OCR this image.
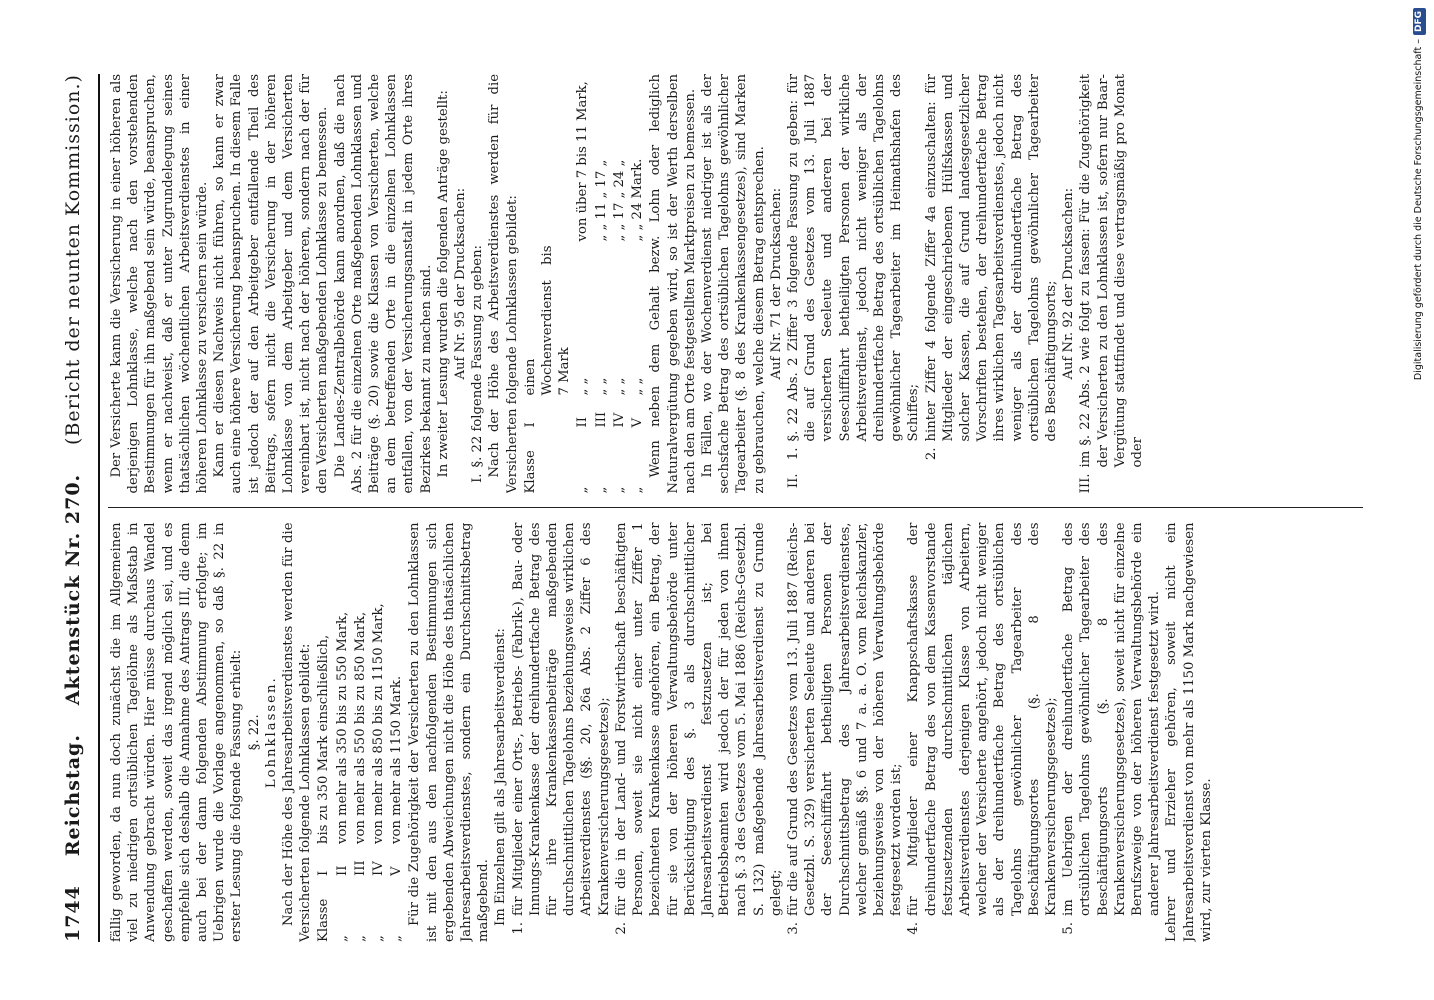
1744
Reichstag.
Aktenstück Nr. 270.
(Bericht der neunten Kommission.)

fällig geworden, da nun doch zunächst die im Allgemeinen viel zu niedrigen ortsüblichen Tagelöhne als Maßstab in Anwendung gebracht würden. Hier müsse durchaus Wandel geschaffen werden, soweit das irgend möglich sei, und es empfehle sich deshalb die Annahme des Antrags III, die denn auch bei der dann folgenden Abstimmung erfolgte; im Uebrigen wurde die Vorlage angenommen, so daß §. 22 in erster Lesung die folgende Fassung erhielt: §. 22. Lohnklassen. Nach der Höhe des Jahresarbeitsverdienstes werden für die Versicherten folgende Lohnklassen gebildet: Klasse
I
bis zu 350 Mark einschließlich,
„
II
von mehr als 350 bis zu 550 Mark,
„
III
von mehr als 550 bis zu 850 Mark,
„
IV
von mehr als 850 bis zu 1150 Mark,
„
V
von mehr als 1150 Mark. Für die Zugehörigkeit der Versicherten zu den Lohnklassen ist mit den aus den nachfolgenden Bestimmungen sich ergebenden Abweichungen nicht die Höhe des thatsächlichen Jahresarbeitsverdienstes, sondern ein Durchschnittsbetrag maßgebend. Im Einzelnen gilt als Jahresarbeitsverdienst:

1.
für Mitglieder einer Orts-, Betriebs- (Fabrik-), Bau- oder Innungs-Krankenkasse der dreihundertfache Betrag des für ihre Krankenkassenbeiträge maßgebenden durchschnittlichen Tagelohns beziehungsweise wirklichen Arbeitsverdienstes (§§. 20, 26a Abs. 2 Ziffer 6 des Krankenversicherungsgesetzes);
2.
für die in der Land- und Forstwirthschaft beschäftigten Personen, soweit sie nicht einer unter Ziffer 1 bezeichneten Krankenkasse angehören, ein Betrag, der für sie von der höheren Verwaltungsbehörde unter Berücksichtigung des §. 3 als durchschnittlicher Jahresarbeitsverdienst festzusetzen ist; bei Betriebsbeamten wird jedoch der für jeden von ihnen nach §. 3 des Gesetzes vom 5. Mai 1886 (Reichs-Gesetzbl. S. 132) maßgebende Jahresarbeitsverdienst zu Grunde gelegt;
3.
für die auf Grund des Gesetzes vom 13. Juli 1887 (Reichs-Gesetzbl. S. 329) versicherten Seeleute und anderen bei der Seeschifffahrt betheiligten Personen der Durchschnittsbetrag des Jahresarbeitsverdienstes, welcher gemäß §§. 6 und 7 a. a. O. vom Reichskanzler, beziehungsweise von der höheren Verwaltungsbehörde festgesetzt worden ist;
4.
für Mitglieder einer Knappschaftskasse der dreihundertfache Betrag des von dem Kassenvorstande festzusetzenden durchschnittlichen täglichen Arbeitsverdienstes derjenigen Klasse von Arbeitern, welcher der Versicherte angehört, jedoch nicht weniger als der dreihundertfache Betrag des ortsüblichen Tagelohns gewöhnlicher Tagearbeiter des Beschäftigungsortes (§. 8 des Krankenversicherungsgesetzes);
5.
im Uebrigen der dreihundertfache Betrag des ortsüblichen Tagelohns gewöhnlicher Tagearbeiter des Beschäftigungsorts (§. 8 des Krankenversicherungsgesetzes), soweit nicht für einzelne Berufszweige von der höheren Verwaltungsbehörde ein anderer Jahresarbeitsverdienst festgesetzt wird. Lehrer und Erzieher gehören, soweit nicht ein Jahresarbeitsverdienst von mehr als 1150 Mark nachgewiesen wird, zur vierten Klasse.

Der Versicherte kann die Versicherung in einer höheren als derjenigen Lohnklasse, welche nach den vorstehenden Bestimmungen für ihn maßgebend sein würde, beanspruchen, wenn er nachweist, daß er unter Zugrundelegung seines thatsächlichen wöchentlichen Arbeitsverdienstes in einer höheren Lohnklasse zu versichern sein würde. Kann er diesen Nachweis nicht führen, so kann er zwar auch eine höhere Versicherung beanspruchen. In diesem Falle ist jedoch der auf den Arbeitgeber entfallende Theil des Beitrags, sofern nicht die Versicherung in der höheren Lohnklasse von dem Arbeitgeber und dem Versicherten vereinbart ist, nicht nach der höheren, sondern nach der für den Versicherten maßgebenden Lohnklasse zu bemessen. Die Landes-Zentralbehörde kann anordnen, daß die nach Abs. 2 für die einzelnen Orte maßgebenden Lohnklassen und Beiträge (§. 20) sowie die Klassen von Versicherten, welche an dem betreffenden Orte in die einzelnen Lohnklassen entfallen, von der Versicherungsanstalt in jedem Orte ihres Bezirkes bekannt zu machen sind. In zweiter Lesung wurden die folgenden Anträge gestellt: Auf Nr. 95 der Drucksachen:

I.
§. 22 folgende Fassung zu geben: Nach der Höhe des Arbeitsverdienstes werden für die Versicherten folgende Lohnklassen gebildet: Klasse
I
einen Wochenverdienst bis 7 Mark
„
II
„ „
von über 7 bis 11 Mark,
„
III
„ „
„ „ 11 „ 17 „
„
IV
„ „
„ „ 17 „ 24 „
„
V
„ „
„ „ 24 Mark. Wenn neben dem Gehalt bezw. Lohn oder lediglich Naturalvergütung gegeben wird, so ist der Werth derselben nach den am Orte festgestellten Marktpreisen zu bemessen. In Fällen, wo der Wochenverdienst niedriger ist als der sechsfache Betrag des ortsüblichen Tagelohns gewöhnlicher Tagearbeiter (§. 8 des Krankenkassengesetzes), sind Marken zu gebrauchen, welche diesem Betrag entsprechen. Auf Nr. 71 der Drucksachen:

II.
1.
§. 22 Abs. 2 Ziffer 3 folgende Fassung zu geben: für die auf Grund des Gesetzes vom 13. Juli 1887 versicherten Seeleute und anderen bei der Seeschifffahrt betheiligten Personen der wirkliche Arbeitsverdienst, jedoch nicht weniger als der dreihundertfache Betrag des ortsüblichen Tagelohns gewöhnlicher Tagearbeiter im Heimathshafen des Schiffes;
2.
hinter Ziffer 4 folgende Ziffer 4a einzuschalten: für Mitglieder der eingeschriebenen Hülfskassen und solcher Kassen, die auf Grund landesgesetzlicher Vorschriften bestehen, der dreihundertfache Betrag ihres wirklichen Tagesarbeitsverdienstes, jedoch nicht weniger als der dreihundertfache Betrag des ortsüblichen Tagelohns gewöhnlicher Tagearbeiter des Beschäftigungsorts; Auf Nr. 92 der Drucksachen:

III.
im §. 22 Abs. 2 wie folgt zu fassen: Für die Zugehörigkeit der Versicherten zu den Lohnklassen ist, sofern nur Baar-Vergütung stattfindet und diese vertragsmäßig pro Monat oder
Digitalisierung gefördert durch die Deutsche Forschungsgemeinschaft –DFG
